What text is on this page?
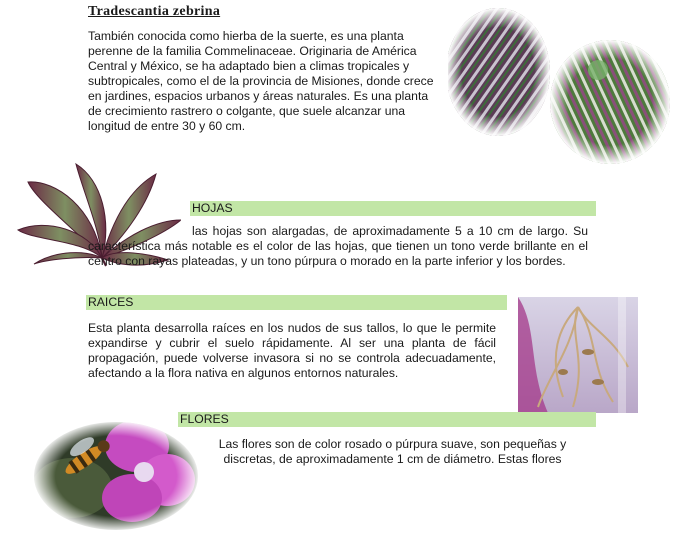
Tradescantia zebrina

También conocida como hierba de la suerte, es una planta perenne de la familia Commelinaceae. Originaria de América Central y México, se ha adaptado bien a climas tropicales y subtropicales, como el de la provincia de Misiones, donde crece en jardines, espacios urbanos y áreas naturales. Es una planta de crecimiento rastrero o colgante, que suele alcanzar una longitud de entre 30 y 60 cm.

HOJAS

las hojas son alargadas, de aproximadamente 5 a 10 cm de largo. Su característica más notable es el color de las hojas, que tienen un tono verde brillante en el centro con rayas plateadas, y un tono púrpura o morado en la parte inferior y los bordes.

RAICES

Esta planta desarrolla raíces en los nudos de sus tallos, lo que le permite expandirse y cubrir el suelo rápidamente. Al ser una planta de fácil propagación, puede volverse invasora si no se controla adecuadamente, afectando a la flora nativa en algunos entornos naturales.

FLORES

Las flores son de color rosado o púrpura suave, son pequeñas y discretas, de aproximadamente 1 cm de diámetro. Estas flores
